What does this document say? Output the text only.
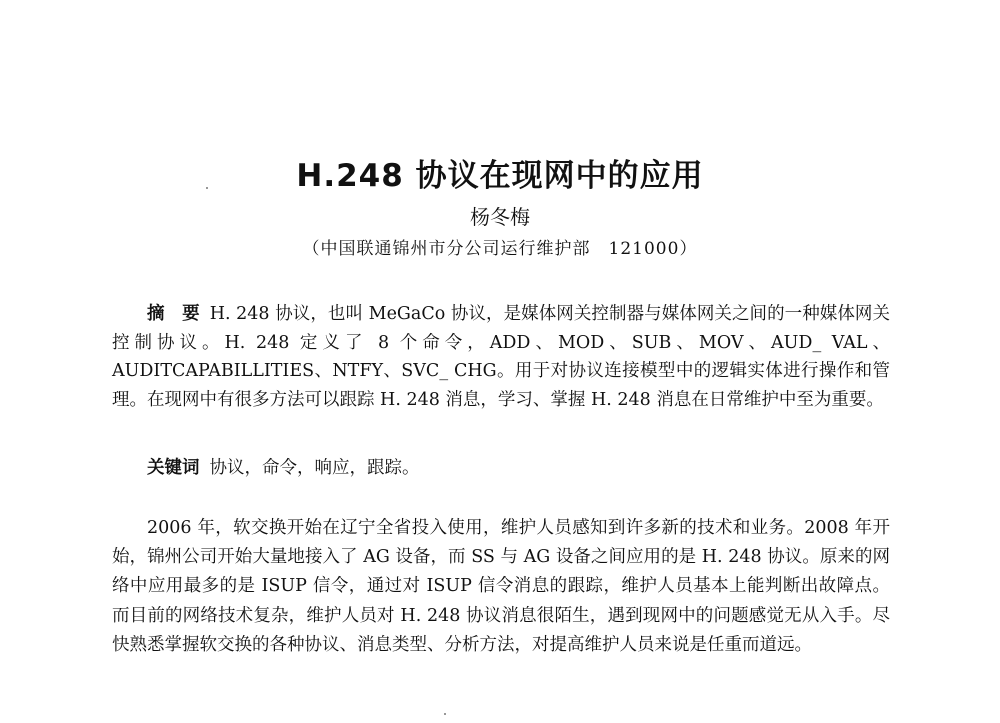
H.248 协议在现网中的应用
杨冬梅
（中国联通锦州市分公司运行维护部　121000）

摘　要 H. 248 协议，也叫 MeGaCo 协议，是媒体网关控制器与媒体网关之间的一种媒体网关控制协议。H. 248 定义了 8 个命令，ADD、MOD、SUB、MOV、AUD_ VAL、AUDITCAPABILLITIES、NTFY、SVC_ CHG。用于对协议连接模型中的逻辑实体进行操作和管理。在现网中有很多方法可以跟踪 H. 248 消息，学习、掌握 H. 248 消息在日常维护中至为重要。

关键词 协议，命令，响应，跟踪。

2006 年，软交换开始在辽宁全省投入使用，维护人员感知到许多新的技术和业务。2008 年开始，锦州公司开始大量地接入了 AG 设备，而 SS 与 AG 设备之间应用的是 H. 248 协议。原来的网络中应用最多的是 ISUP 信令，通过对 ISUP 信令消息的跟踪，维护人员基本上能判断出故障点。而目前的网络技术复杂，维护人员对 H. 248 协议消息很陌生，遇到现网中的问题感觉无从入手。尽快熟悉掌握软交换的各种协议、消息类型、分析方法，对提高维护人员来说是任重而道远。
